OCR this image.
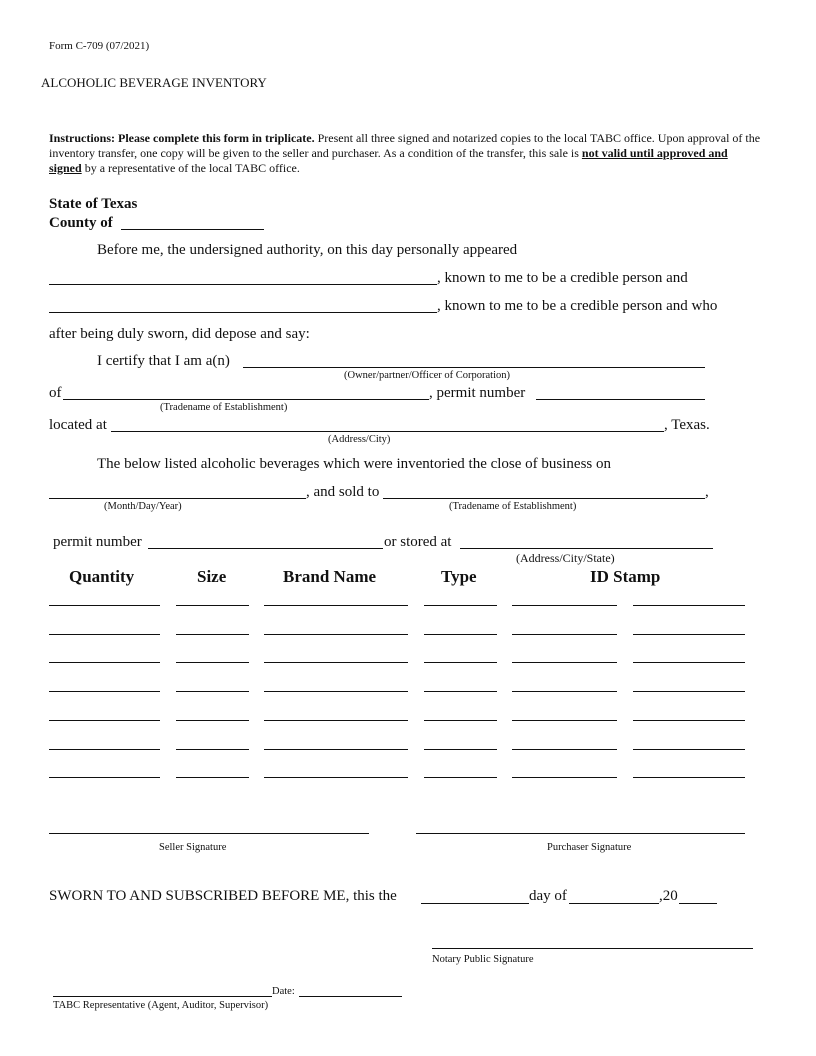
Form C-709 (07/2021)
ALCOHOLIC BEVERAGE INVENTORY
Instructions: Please complete this form in triplicate. Present all three signed and notarized copies to the local TABC office. Upon approval of the inventory transfer, one copy will be given to the seller and purchaser. As a condition of the transfer, this sale is not valid until approved and signed by a representative of the local TABC office.
State of Texas
County of
Before me, the undersigned authority, on this day personally appeared
, known to me to be a credible person and
, known to me to be a credible person and who
after being duly sworn, did depose and say:
I certify that I am a(n)
(Owner/partner/Officer of Corporation)
of	, permit number
(Tradename of Establishment)
located at	, Texas.
(Address/City)
The below listed alcoholic beverages which were inventoried the close of business on
, and sold to	,
(Month/Day/Year)	(Tradename of Establishment)
permit number	or stored at
(Address/City/State)
Quantity	Size	Brand Name	Type	ID Stamp
Seller Signature	Purchaser Signature
SWORN TO AND SUBSCRIBED BEFORE ME, this the	day of	,20
Notary Public Signature
Date:
TABC Representative (Agent, Auditor, Supervisor)
